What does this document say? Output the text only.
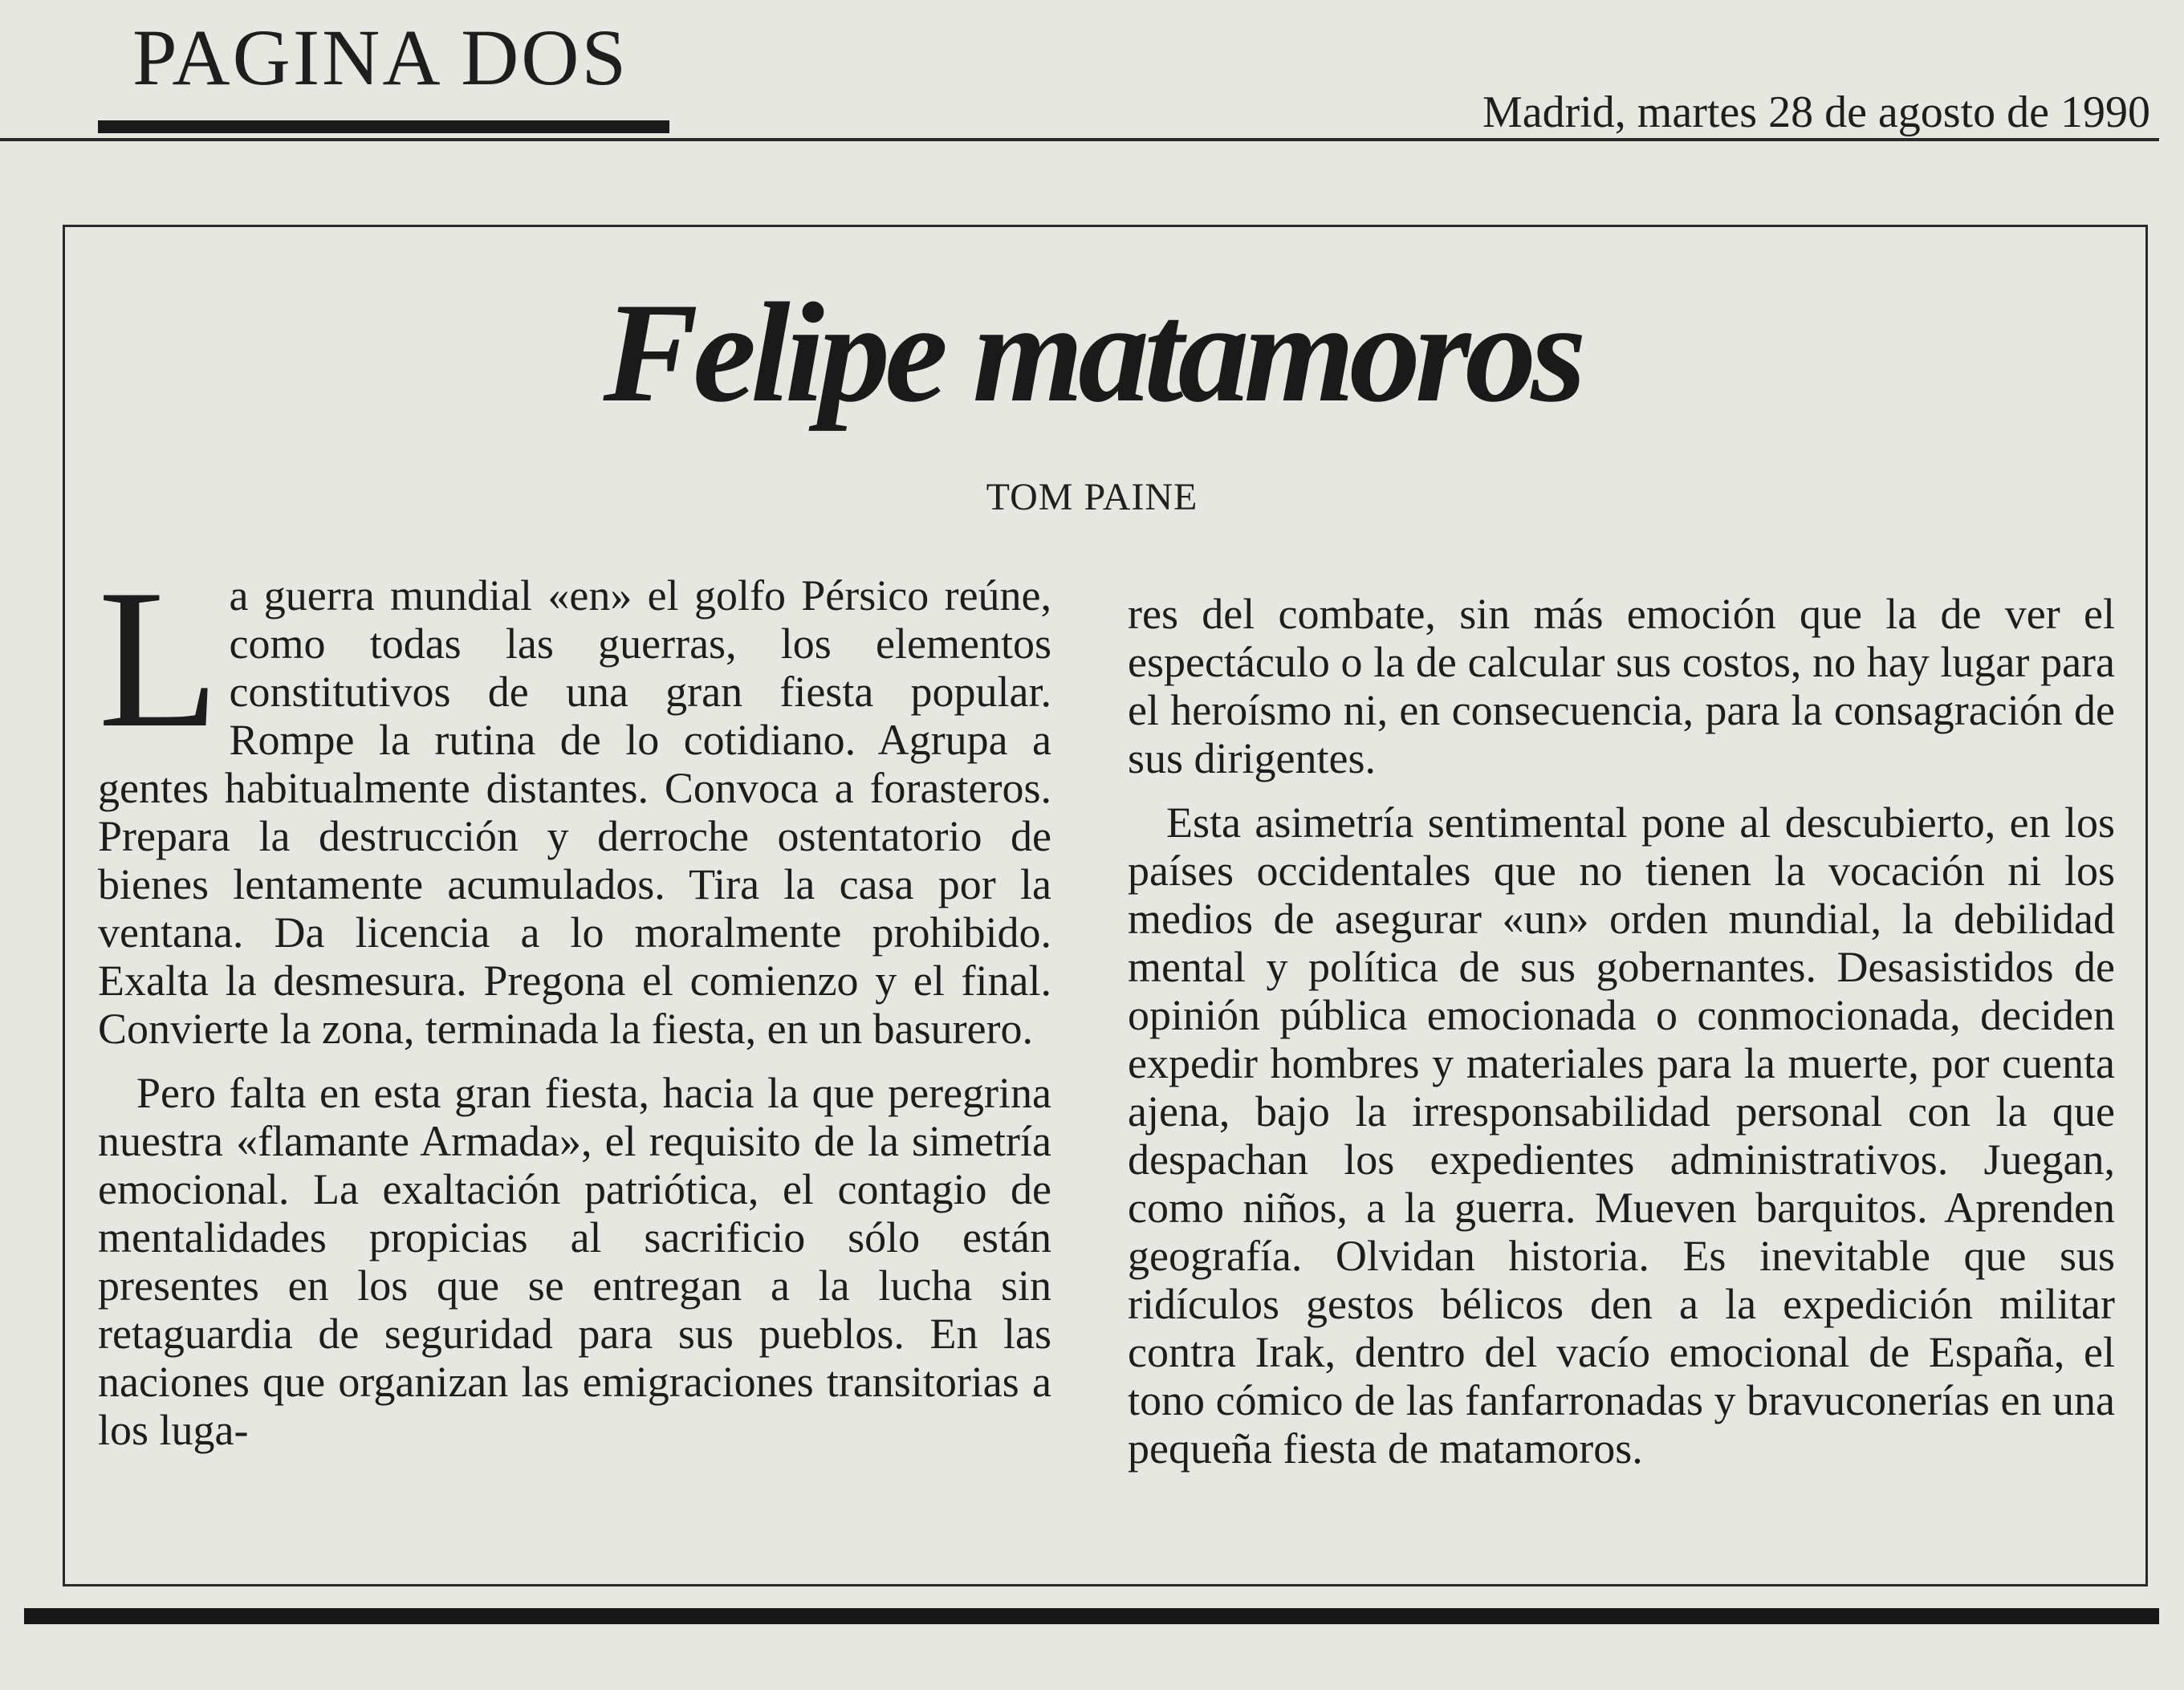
PAGINA DOS
Madrid, martes 28 de agosto de 1990
Felipe matamoros
TOM PAINE

La guerra mundial «en» el golfo Pérsico reúne, como todas las guerras, los elementos constitutivos de una gran fiesta popular. Rompe la rutina de lo cotidiano. Agrupa a gentes habitualmente distantes. Convoca a forasteros. Prepara la destrucción y derroche ostentatorio de bienes lentamente acumulados. Tira la casa por la ventana. Da licencia a lo moralmente prohibido. Exalta la desmesura. Pregona el comienzo y el final. Convierte la zona, terminada la fiesta, en un basurero.

Pero falta en esta gran fiesta, hacia la que peregrina nuestra «flamante Armada», el requisito de la simetría emocional. La exaltación patriótica, el contagio de mentalidades propicias al sacrificio sólo están presentes en los que se entregan a la lucha sin retaguardia de seguridad para sus pueblos. En las naciones que organizan las emigraciones transitorias a los luga-

res del combate, sin más emoción que la de ver el espectáculo o la de calcular sus costos, no hay lugar para el heroísmo ni, en consecuencia, para la consagración de sus dirigentes.

Esta asimetría sentimental pone al descubierto, en los países occidentales que no tienen la vocación ni los medios de asegurar «un» orden mundial, la debilidad mental y política de sus gobernantes. Desasistidos de opinión pública emocionada o conmocionada, deciden expedir hombres y materiales para la muerte, por cuenta ajena, bajo la irresponsabilidad personal con la que despachan los expedientes administrativos. Juegan, como niños, a la guerra. Mueven barquitos. Aprenden geografía. Olvidan historia. Es inevitable que sus ridículos gestos bélicos den a la expedición militar contra Irak, dentro del vacío emocional de España, el tono cómico de las fanfarronadas y bravuconerías en una pequeña fiesta de matamoros.
